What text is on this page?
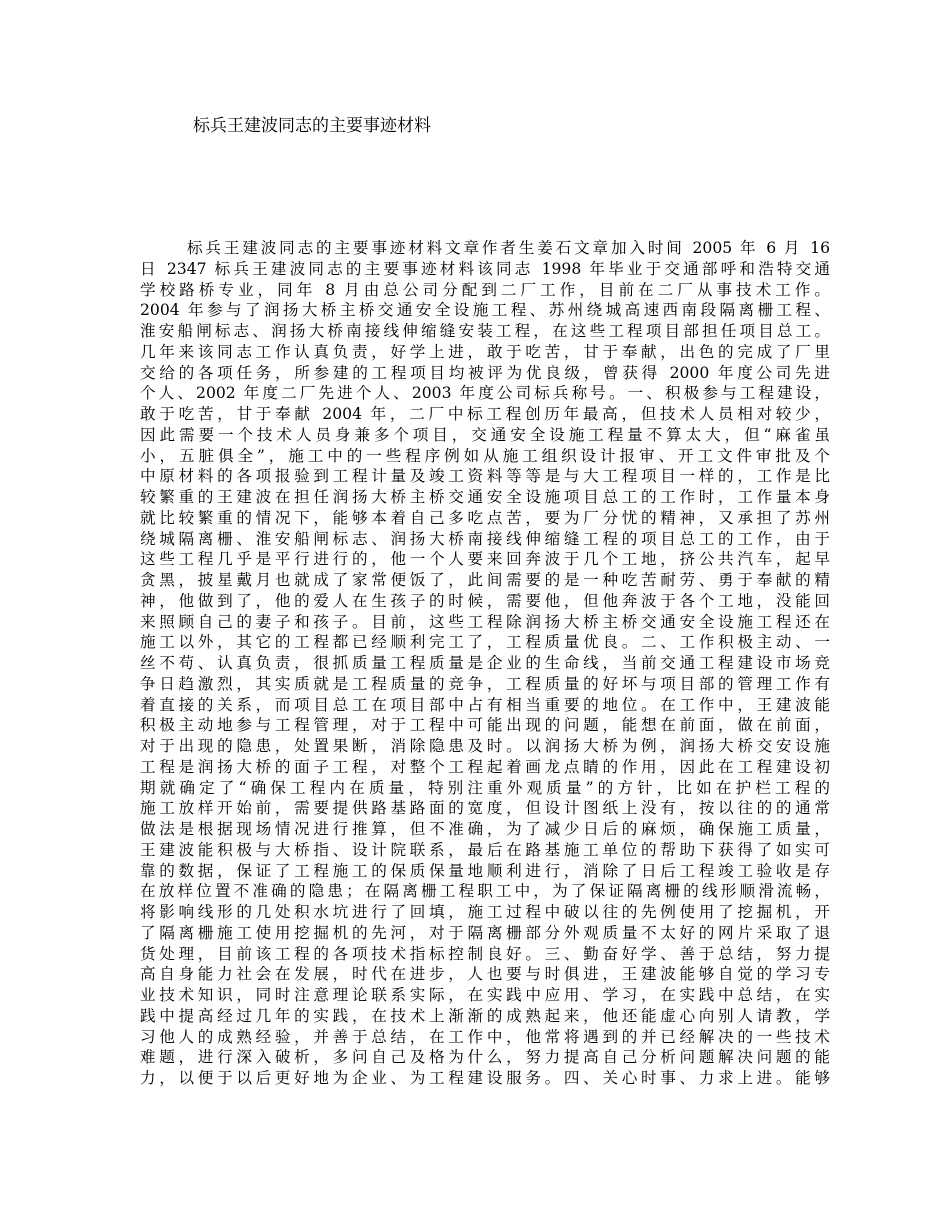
标兵王建波同志的主要事迹材料
标兵王建波同志的主要事迹材料文章作者生姜石文章加入时间 2005 年 6 月 16
日 2347 标兵王建波同志的主要事迹材料该同志 1998 年毕业于交通部呼和浩特交通
学校路桥专业，同年 8 月由总公司分配到二厂工作，目前在二厂从事技术工作。
2004 年参与了润扬大桥主桥交通安全设施工程、苏州绕城高速西南段隔离栅工程、
淮安船闸标志、润扬大桥南接线伸缩缝安装工程，在这些工程项目部担任项目总工。
几年来该同志工作认真负责，好学上进，敢于吃苦，甘于奉献，出色的完成了厂里
交给的各项任务，所参建的工程项目均被评为优良级，曾获得 2000 年度公司先进
个人、2002 年度二厂先进个人、2003 年度公司标兵称号。一、积极参与工程建设，
敢于吃苦，甘于奉献 2004 年，二厂中标工程创历年最高，但技术人员相对较少，
因此需要一个技术人员身兼多个项目，交通安全设施工程量不算太大，但“麻雀虽
小，五脏俱全”，施工中的一些程序例如从施工组织设计报审、开工文件审批及个
中原材料的各项报验到工程计量及竣工资料等等是与大工程项目一样的，工作是比
较繁重的王建波在担任润扬大桥主桥交通安全设施项目总工的工作时，工作量本身
就比较繁重的情况下，能够本着自己多吃点苦，要为厂分忧的精神，又承担了苏州
绕城隔离栅、淮安船闸标志、润扬大桥南接线伸缩缝工程的项目总工的工作，由于
这些工程几乎是平行进行的，他一个人要来回奔波于几个工地，挤公共汽车，起早
贪黑，披星戴月也就成了家常便饭了，此间需要的是一种吃苦耐劳、勇于奉献的精
神，他做到了，他的爱人在生孩子的时候，需要他，但他奔波于各个工地，没能回
来照顾自己的妻子和孩子。目前，这些工程除润扬大桥主桥交通安全设施工程还在
施工以外，其它的工程都已经顺利完工了，工程质量优良。二、工作积极主动、一
丝不苟、认真负责，很抓质量工程质量是企业的生命线，当前交通工程建设市场竞
争日趋激烈，其实质就是工程质量的竞争，工程质量的好坏与项目部的管理工作有
着直接的关系，而项目总工在项目部中占有相当重要的地位。在工作中，王建波能
积极主动地参与工程管理，对于工程中可能出现的问题，能想在前面，做在前面，
对于出现的隐患，处置果断，消除隐患及时。以润扬大桥为例，润扬大桥交安设施
工程是润扬大桥的面子工程，对整个工程起着画龙点睛的作用，因此在工程建设初
期就确定了“确保工程内在质量，特别注重外观质量”的方针，比如在护栏工程的
施工放样开始前，需要提供路基路面的宽度，但设计图纸上没有，按以往的的通常
做法是根据现场情况进行推算，但不准确，为了减少日后的麻烦，确保施工质量，
王建波能积极与大桥指、设计院联系，最后在路基施工单位的帮助下获得了如实可
靠的数据，保证了工程施工的保质保量地顺利进行，消除了日后工程竣工验收是存
在放样位置不准确的隐患；在隔离栅工程职工中，为了保证隔离栅的线形顺滑流畅，
将影响线形的几处积水坑进行了回填，施工过程中破以往的先例使用了挖掘机，开
了隔离栅施工使用挖掘机的先河，对于隔离栅部分外观质量不太好的网片采取了退
货处理，目前该工程的各项技术指标控制良好。三、勤奋好学、善于总结，努力提
高自身能力社会在发展，时代在进步，人也要与时俱进，王建波能够自觉的学习专
业技术知识，同时注意理论联系实际，在实践中应用、学习，在实践中总结，在实
践中提高经过几年的实践，在技术上渐渐的成熟起来，他还能虚心向别人请教，学
习他人的成熟经验，并善于总结，在工作中，他常将遇到的并已经解决的一些技术
难题，进行深入破析，多问自己及格为什么，努力提高自己分析问题解决问题的能
力，以便于以后更好地为企业、为工程建设服务。四、关心时事、力求上进。能够
